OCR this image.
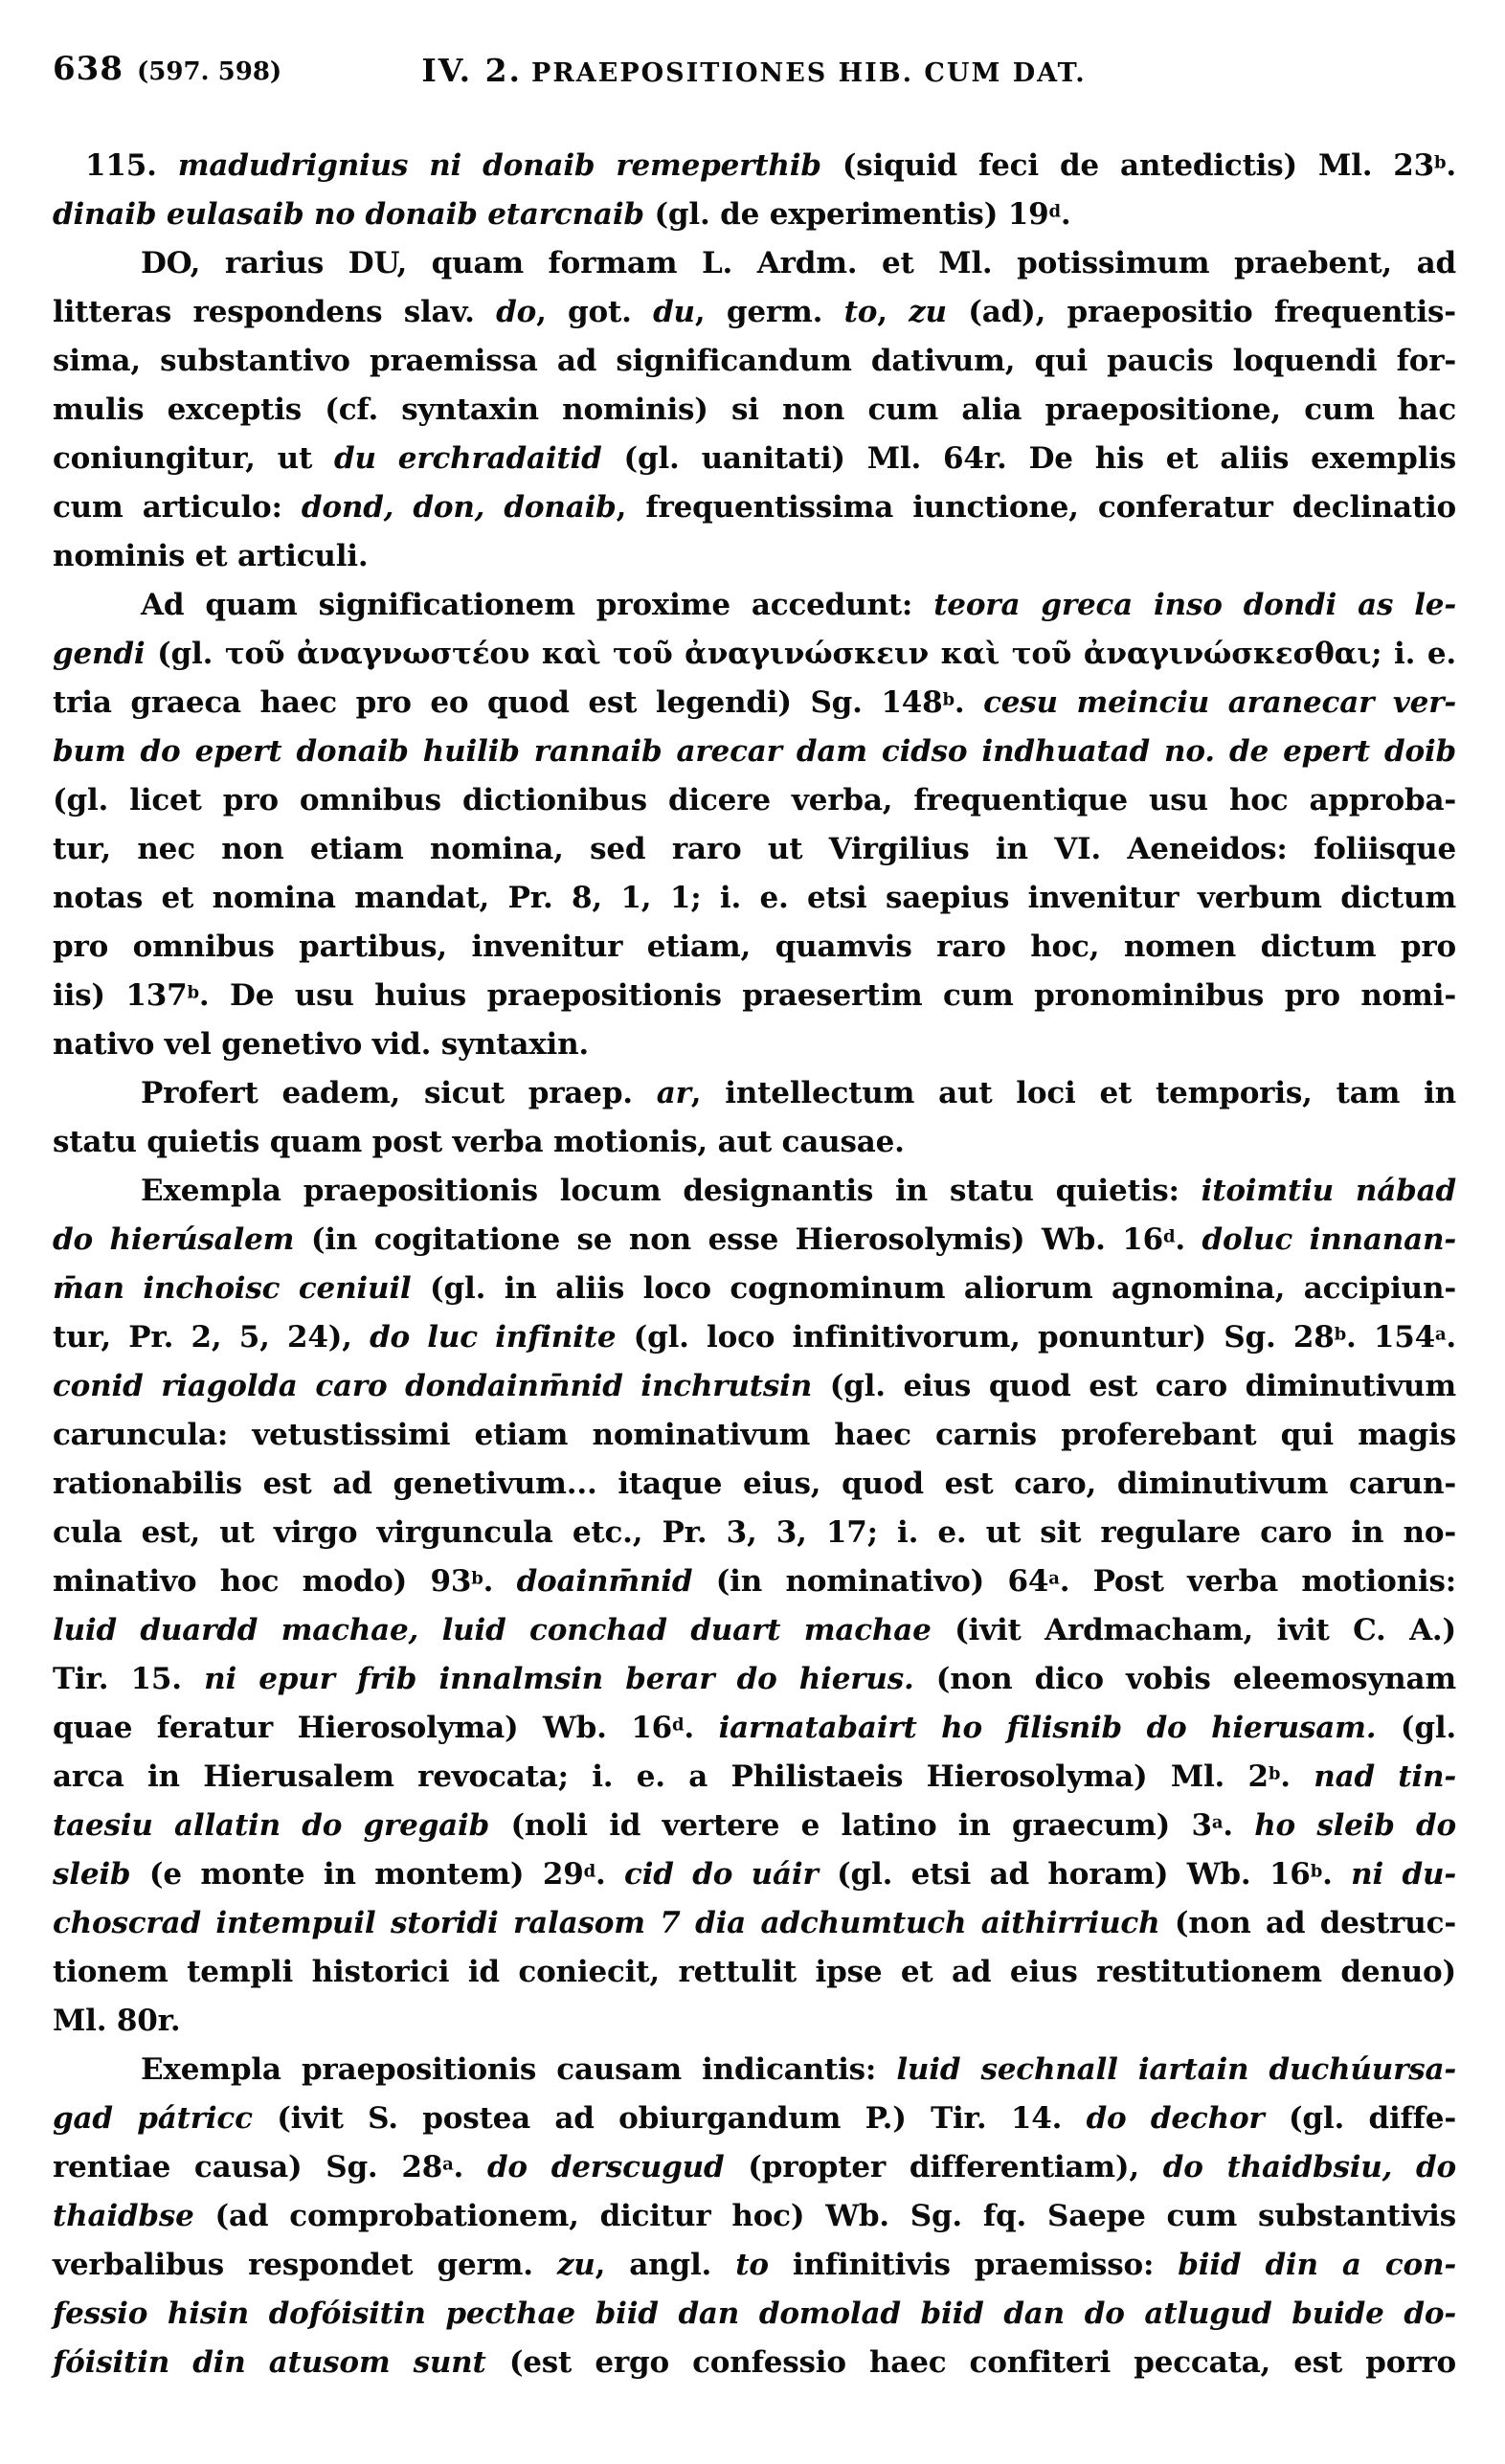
638 (597. 598)	IV. 2. PRAEPOSITIONES HIB. CUM DAT.
115. madudrignius ni donaib remeperthib (siquid feci de antedictis) Ml. 23$^b$.
dinaib eulasaib no donaib etarcnaib (gl. de experimentis) 19$^d$.
DO, rarius DU, quam formam L. Ardm. et Ml. potissimum praebent, ad
litteras respondens slav. do, got. du, germ. to, zu (ad), praepositio frequentis-
sima, substantivo praemissa ad significandum dativum, qui paucis loquendi for-
mulis exceptis (cf. syntaxin nominis) si non cum alia praepositione, cum hac
coniungitur, ut du erchradaitid (gl. uanitati) Ml. 64r. De his et aliis exemplis
cum articulo: dond, don, donaib, frequentissima iunctione, conferatur declinatio
nominis et articuli.
Ad quam significationem proxime accedunt: teora greca inso dondi as le-
gendi (gl. τοῦ ἀναγνωστέου καὶ τοῦ ἀναγινώσκειν καὶ τοῦ ἀναγινώσκεσθαι; i. e.
tria graeca haec pro eo quod est legendi) Sg. 148$^b$. cesu meinciu aranecar ver-
bum do epert donaib huilib rannaib arecar dam cidso indhuatad no. de epert doib
(gl. licet pro omnibus dictionibus dicere verba, frequentique usu hoc approba-
tur, nec non etiam nomina, sed raro ut Virgilius in VI. Aeneidos: foliisque
notas et nomina mandat, Pr. 8, 1, 1; i. e. etsi saepius invenitur verbum dictum
pro omnibus partibus, invenitur etiam, quamvis raro hoc, nomen dictum pro
iis) 137$^b$. De usu huius praepositionis praesertim cum pronominibus pro nomi-
nativo vel genetivo vid. syntaxin.
Profert eadem, sicut praep. ar, intellectum aut loci et temporis, tam in
statu quietis quam post verba motionis, aut causae.
Exempla praepositionis locum designantis in statu quietis: itoimtiu nábad
do hierúsalem (in cogitatione se non esse Hierosolymis) Wb. 16$^d$. doluc innanan-
m̄an inchoisc ceniuil (gl. in aliis loco cognominum aliorum agnomina, accipiun-
tur, Pr. 2, 5, 24), do luc infinite (gl. loco infinitivorum, ponuntur) Sg. 28$^b$. 154$^a$.
conid riagolda caro dondainm̄nid inchrutsin (gl. eius quod est caro diminutivum
caruncula: vetustissimi etiam nominativum haec carnis proferebant qui magis
rationabilis est ad genetivum... itaque eius, quod est caro, diminutivum carun-
cula est, ut virgo virguncula etc., Pr. 3, 3, 17; i. e. ut sit regulare caro in no-
minativo hoc modo) 93$^b$. doainm̄nid (in nominativo) 64$^a$. Post verba motionis:
luid duardd machae, luid conchad duart machae (ivit Ardmacham, ivit C. A.)
Tir. 15. ni epur frib innalmsin berar do hierus. (non dico vobis eleemosynam
quae feratur Hierosolyma) Wb. 16$^d$. iarnatabairt ho filisnib do hierusam. (gl.
arca in Hierusalem revocata; i. e. a Philistaeis Hierosolyma) Ml. 2$^b$. nad tin-
taesiu allatin do gregaib (noli id vertere e latino in graecum) 3$^a$. ho sleib do
sleib (e monte in montem) 29$^d$. cid do uáir (gl. etsi ad horam) Wb. 16$^b$. ni du-
choscrad intempuil storidi ralasom 7 dia adchumtuch aithirriuch (non ad destruc-
tionem templi historici id coniecit, rettulit ipse et ad eius restitutionem denuo)
Ml. 80r.
Exempla praepositionis causam indicantis: luid sechnall iartain duchúursa-
gad pátricc (ivit S. postea ad obiurgandum P.) Tir. 14. do dechor (gl. diffe-
rentiae causa) Sg. 28$^a$. do derscugud (propter differentiam), do thaidbsiu, do
thaidbse (ad comprobationem, dicitur hoc) Wb. Sg. fq. Saepe cum substantivis
verbalibus respondet germ. zu, angl. to infinitivis praemisso: biid din a con-
fessio hisin dofóisitin pecthae biid dan domolad biid dan do atlugud buide do-
fóisitin din atusom sunt (est ergo confessio haec confiteri peccata, est porro
